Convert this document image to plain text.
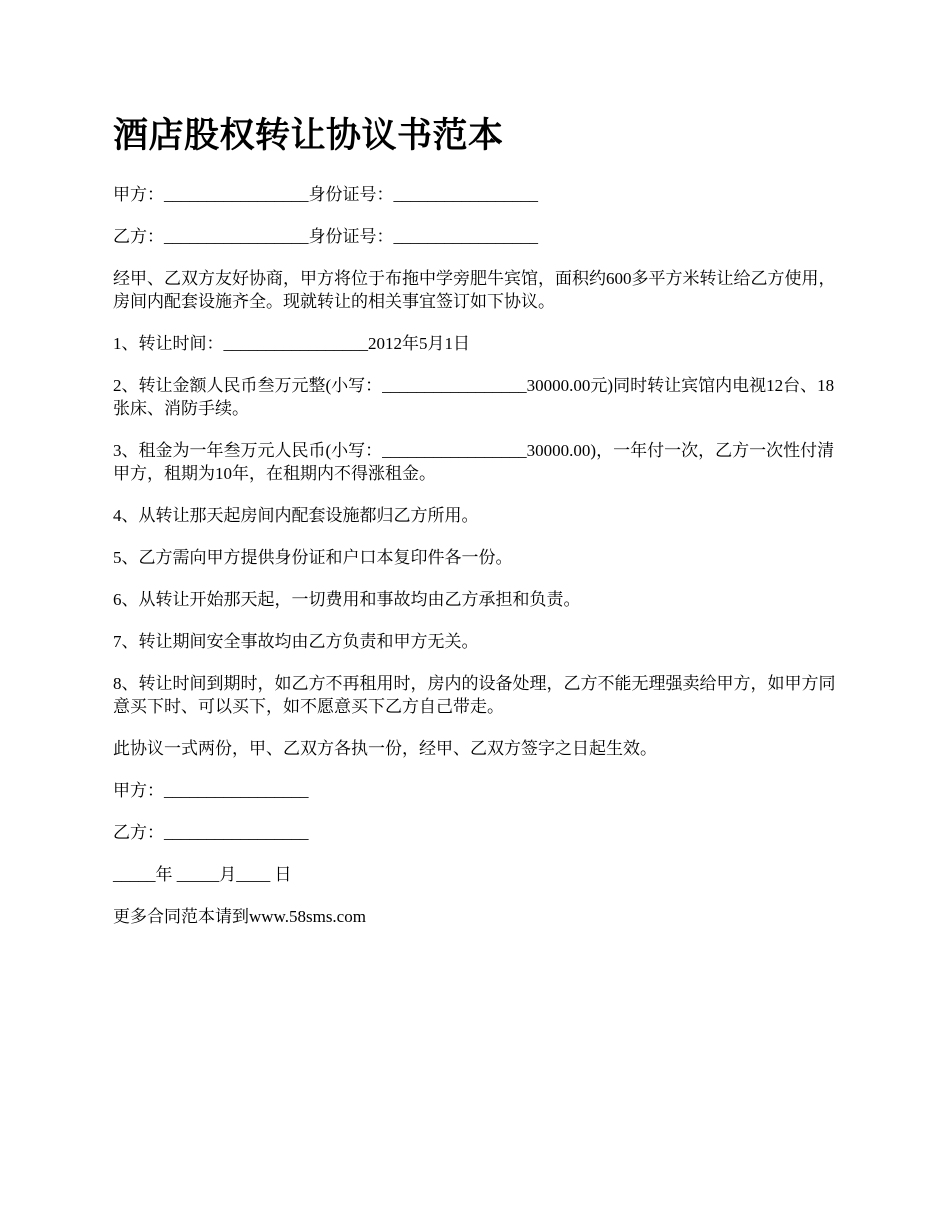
酒店股权转让协议书范本

甲方：_________________身份证号：_________________

乙方：_________________身份证号：_________________

经甲、乙双方友好协商，甲方将位于布拖中学旁肥牛宾馆，面积约600多平方米转让给乙方使用，房间内配套设施齐全。现就转让的相关事宜签订如下协议。

1、转让时间：_________________2012年5月1日

2、转让金额人民币叁万元整(小写：_________________30000.00元)同时转让宾馆内电视12台、18张床、消防手续。

3、租金为一年叁万元人民币(小写：_________________30000.00)，一年付一次，乙方一次性付清甲方，租期为10年，在租期内不得涨租金。

4、从转让那天起房间内配套设施都归乙方所用。

5、乙方需向甲方提供身份证和户口本复印件各一份。

6、从转让开始那天起，一切费用和事故均由乙方承担和负责。

7、转让期间安全事故均由乙方负责和甲方无关。

8、转让时间到期时，如乙方不再租用时，房内的设备处理，乙方不能无理强卖给甲方，如甲方同意买下时、可以买下，如不愿意买下乙方自己带走。

此协议一式两份，甲、乙双方各执一份，经甲、乙双方签字之日起生效。

甲方：_________________

乙方：_________________

_____年 _____月____ 日

更多合同范本请到www.58sms.com
